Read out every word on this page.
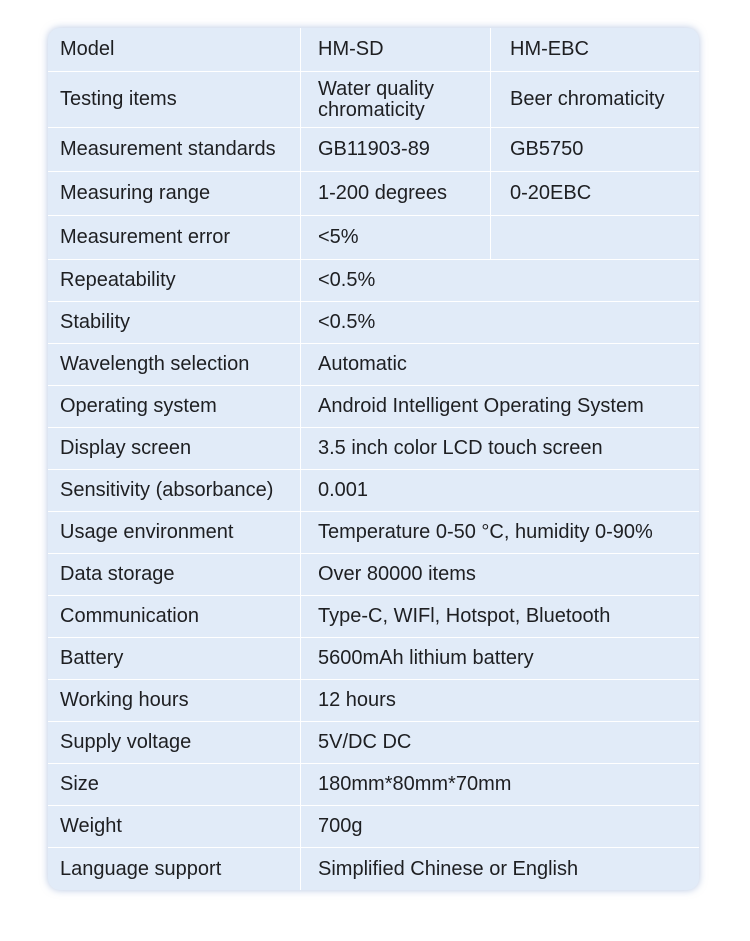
Model	HM-SD	HM-EBC
Testing items	Water quality chromaticity	Beer chromaticity
Measurement standards	GB11903-89	GB5750
Measuring range	1-200 degrees	0-20EBC
Measurement error	<5%
Repeatability	<0.5%
Stability	<0.5%
Wavelength selection	Automatic
Operating system	Android Intelligent Operating System
Display screen	3.5 inch color LCD touch screen
Sensitivity (absorbance)	0.001
Usage environment	Temperature 0-50 °C, humidity 0-90%
Data storage	Over 80000 items
Communication	Type-C, WIFl, Hotspot, Bluetooth
Battery	5600mAh lithium battery
Working hours	12 hours
Supply voltage	5V/DC DC
Size	180mm*80mm*70mm
Weight	700g
Language support	Simplified Chinese or English
